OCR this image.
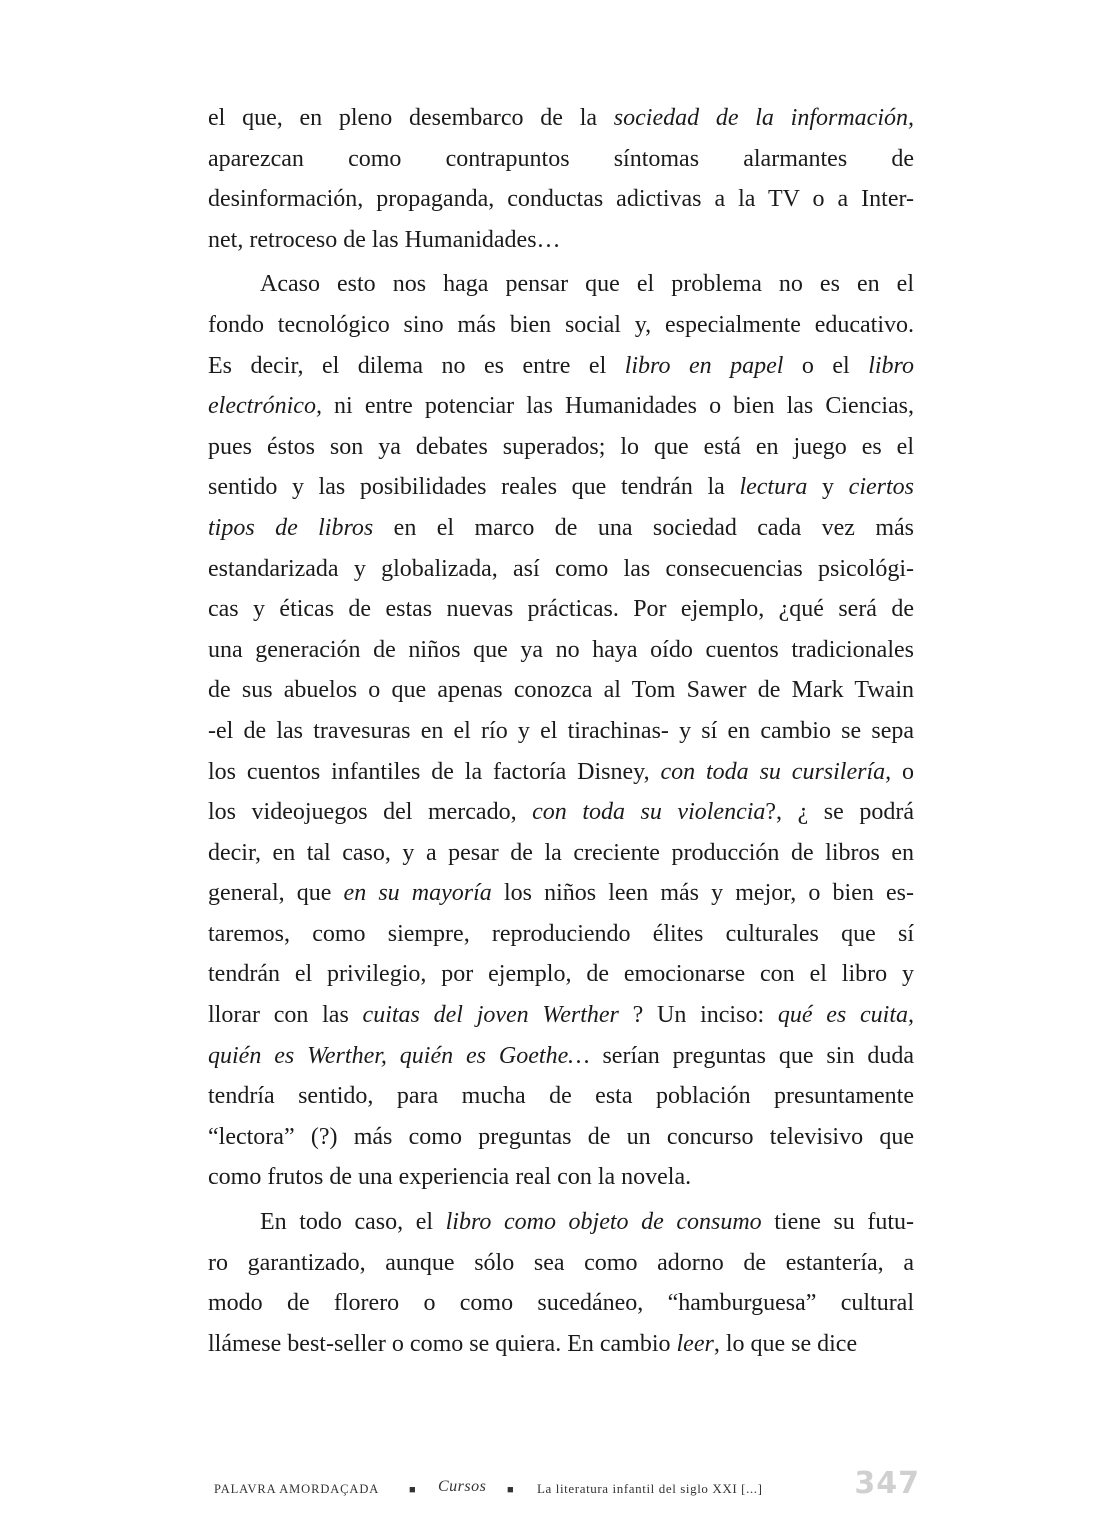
el que, en pleno desembarco de la sociedad de la información,
aparezcan como contrapuntos síntomas alarmantes de
desinformación, propaganda, conductas adictivas a la TV o a Inter-
net, retroceso de las Humanidades…
Acaso esto nos haga pensar que el problema no es en el
fondo tecnológico sino más bien social y, especialmente educativo.
Es decir, el dilema no es entre el libro en papel o el libro
electrónico, ni entre potenciar las Humanidades o bien las Ciencias,
pues éstos son ya debates superados; lo que está en juego es el
sentido y las posibilidades reales que tendrán la lectura y ciertos
tipos de libros en el marco de una sociedad cada vez más
estandarizada y globalizada, así como las consecuencias psicológi-
cas y éticas de estas nuevas prácticas. Por ejemplo, ¿qué será de
una generación de niños que ya no haya oído cuentos tradicionales
de sus abuelos o que apenas conozca al Tom Sawer de Mark Twain
-el de las travesuras en el río y el tirachinas- y sí en cambio se sepa
los cuentos infantiles de la factoría Disney, con toda su cursilería, o
los videojuegos del mercado, con toda su violencia?, ¿ se podrá
decir, en tal caso, y a pesar de la creciente producción de libros en
general, que en su mayoría los niños leen más y mejor, o bien es-
taremos, como siempre, reproduciendo élites culturales que sí
tendrán el privilegio, por ejemplo, de emocionarse con el libro y
llorar con las cuitas del joven Werther ? Un inciso: qué es cuita,
quién es Werther, quién es Goethe… serían preguntas que sin duda
tendría sentido, para mucha de esta población presuntamente
“lectora” (?) más como preguntas de un concurso televisivo que
como frutos de una experiencia real con la novela.
En todo caso, el libro como objeto de consumo tiene su futu-
ro garantizado, aunque sólo sea como adorno de estantería, a
modo de florero o como sucedáneo, “hamburguesa” cultural
llámese best-seller o como se quiera. En cambio leer, lo que se dice
PALAVRA AMORDAÇADA	■ Cursos ■ La literatura infantil del siglo XXI [...]	347
